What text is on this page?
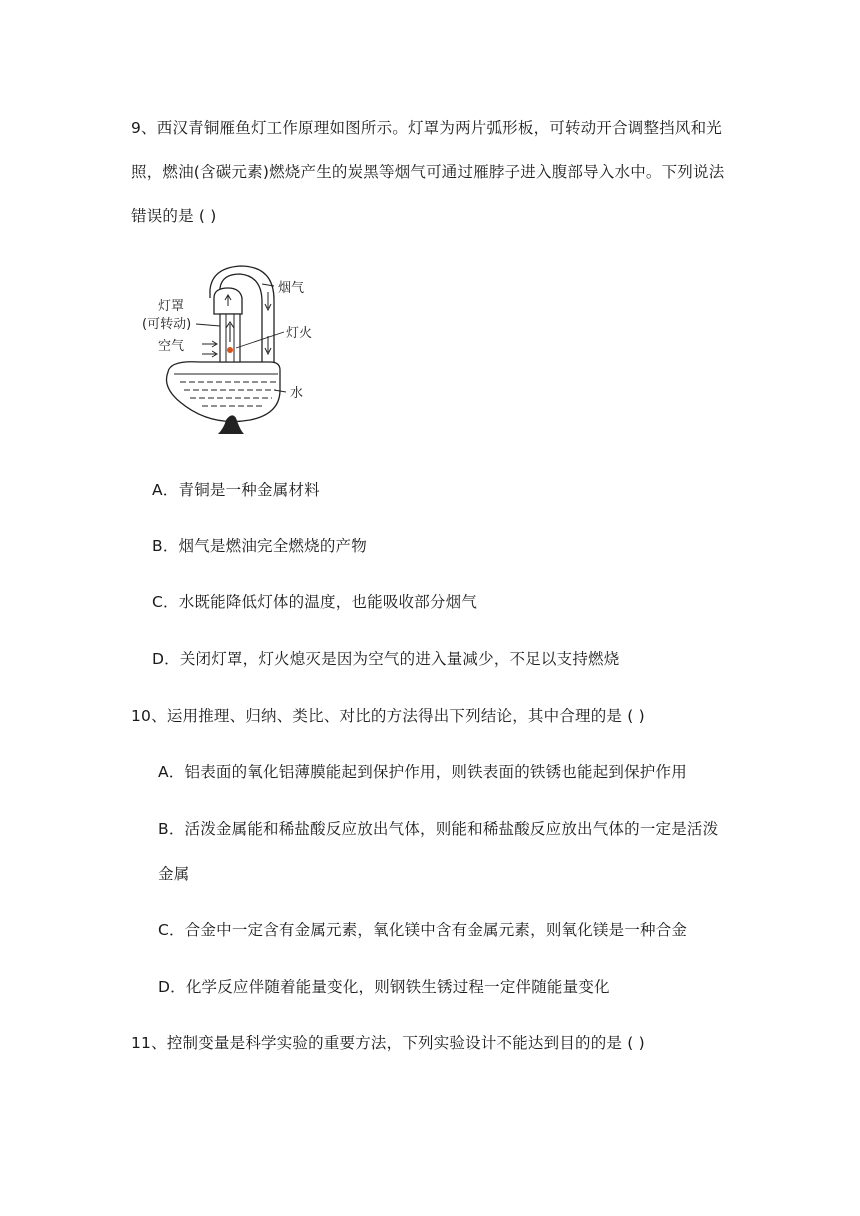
9、西汉青铜雁鱼灯工作原理如图所示。灯罩为两片弧形板，可转动开合调整挡风和光
照，燃油(含碳元素)燃烧产生的炭黑等烟气可通过雁脖子进入腹部导入水中。下列说法
错误的是 ( )
烟气
灯火
水
灯罩
(可转动)
空气
A．青铜是一种金属材料
B．烟气是燃油完全燃烧的产物
C．水既能降低灯体的温度，也能吸收部分烟气
D．关闭灯罩，灯火熄灭是因为空气的进入量减少，不足以支持燃烧
10、运用推理、归纳、类比、对比的方法得出下列结论，其中合理的是 ( )
A．铝表面的氧化铝薄膜能起到保护作用，则铁表面的铁锈也能起到保护作用
B．活泼金属能和稀盐酸反应放出气体，则能和稀盐酸反应放出气体的一定是活泼
金属
C．合金中一定含有金属元素，氧化镁中含有金属元素，则氧化镁是一种合金
D．化学反应伴随着能量变化，则钢铁生锈过程一定伴随能量变化
11、控制变量是科学实验的重要方法，下列实验设计不能达到目的的是 ( )
